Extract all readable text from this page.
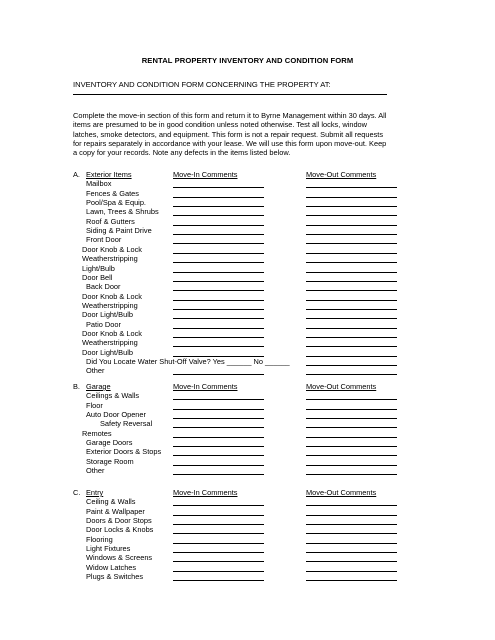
RENTAL PROPERTY INVENTORY AND CONDITION FORM
INVENTORY AND CONDITION FORM CONCERNING THE PROPERTY AT:
Complete the move-in section of this form and return it to Byrne Management within 30 days. All
items are presumed to be in good condition unless noted otherwise. Test all locks, window
latches, smoke detectors, and equipment. This form is not a repair request. Submit all requests
for repairs separately in accordance with your lease. We will use this form upon move-out. Keep
a copy for your records. Note any defects in the items listed below.
A. Exterior Items	Move-In Comments	Move-Out Comments
Mailbox
Fences & Gates
Pool/Spa & Equip.
Lawn, Trees & Shrubs
Roof & Gutters
Siding & Paint Drive
Front Door
Door Knob & Lock
Weatherstripping
Light/Bulb
Door Bell
Back Door
Door Knob & Lock
Weatherstripping
Door Light/Bulb
Patio Door
Door Knob & Lock
Weatherstripping
Door Light/Bulb
Did You Locate Water Shut-Off Valve? Yes ______ No ______
Other
B. Garage	Move-In Comments	Move-Out Comments
Ceilings & Walls
Floor
Auto Door Opener
Safety Reversal
Remotes
Garage Doors
Exterior Doors & Stops
Storage Room
Other
C. Entry	Move-In Comments	Move-Out Comments
Ceiling & Walls
Paint & Wallpaper
Doors & Door Stops
Door Locks & Knobs
Flooring
Light Fixtures
Windows & Screens
Widow Latches
Plugs & Switches
